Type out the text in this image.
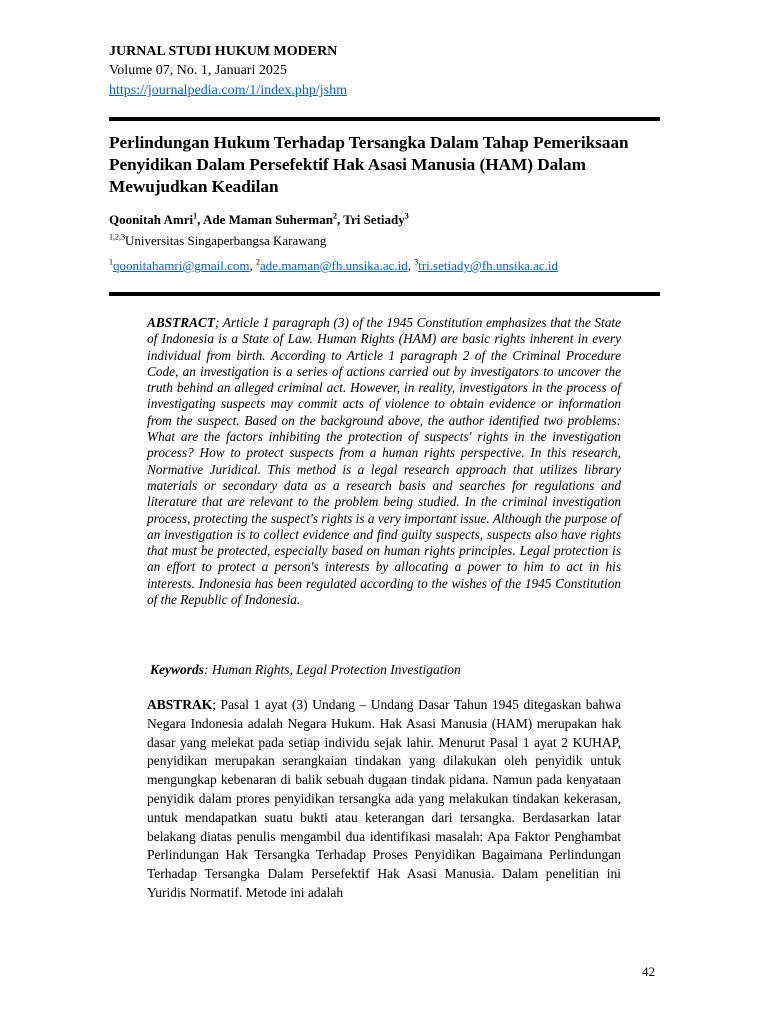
JURNAL STUDI HUKUM MODERN
Volume 07, No. 1, Januari 2025
https://journalpedia.com/1/index.php/jshm
Perlindungan Hukum Terhadap Tersangka Dalam Tahap Pemeriksaan Penyidikan Dalam Persefektif Hak Asasi Manusia (HAM) Dalam Mewujudkan Keadilan
Qoonitah Amri$^1$, Ade Maman Suherman$^2$, Tri Setiady$^3$
$^{1,2,3}$Universitas Singaperbangsa Karawang
$^1$qoonitahamri@gmail.com, $^2$ade.maman@fh.unsika.ac.id, $^3$tri.setiady@fh.unsika.ac.id

ABSTRACT; Article 1 paragraph (3) of the 1945 Constitution emphasizes that the State of Indonesia is a State of Law. Human Rights (HAM) are basic rights inherent in every individual from birth. According to Article 1 paragraph 2 of the Criminal Procedure Code, an investigation is a series of actions carried out by investigators to uncover the truth behind an alleged criminal act. However, in reality, investigators in the process of investigating suspects may commit acts of violence to obtain evidence or information from the suspect. Based on the background above, the author identified two problems: What are the factors inhibiting the protection of suspects' rights in the investigation process? How to protect suspects from a human rights perspective. In this research, Normative Juridical. This method is a legal research approach that utilizes library materials or secondary data as a research basis and searches for regulations and literature that are relevant to the problem being studied. In the criminal investigation process, protecting the suspect's rights is a very important issue. Although the purpose of an investigation is to collect evidence and find guilty suspects, suspects also have rights that must be protected, especially based on human rights principles. Legal protection is an effort to protect a person's interests by allocating a power to him to act in his interests. Indonesia has been regulated according to the wishes of the 1945 Constitution of the Republic of Indonesia.

Keywords: Human Rights, Legal Protection Investigation

ABSTRAK; Pasal 1 ayat (3) Undang – Undang Dasar Tahun 1945 ditegaskan bahwa Negara Indonesia adalah Negara Hukum. Hak Asasi Manusia (HAM) merupakan hak dasar yang melekat pada setiap individu sejak lahir. Menurut Pasal 1 ayat 2 KUHAP, penyidikan merupakan serangkaian tindakan yang dilakukan oleh penyidik untuk mengungkap kebenaran di balik sebuah dugaan tindak pidana. Namun pada kenyataan penyidik dalam prores penyidikan tersangka ada yang melakukan tindakan kekerasan, untuk mendapatkan suatu bukti atau keterangan dari tersangka. Berdasarkan latar belakang diatas penulis mengambil dua identifikasi masalah: Apa Faktor Penghambat Perlindungan Hak Tersangka Terhadap Proses Penyidikan Bagaimana Perlindungan Terhadap Tersangka Dalam Persefektif Hak Asasi Manusia. Dalam penelitian ini Yuridis Normatif. Metode ini adalah

42
